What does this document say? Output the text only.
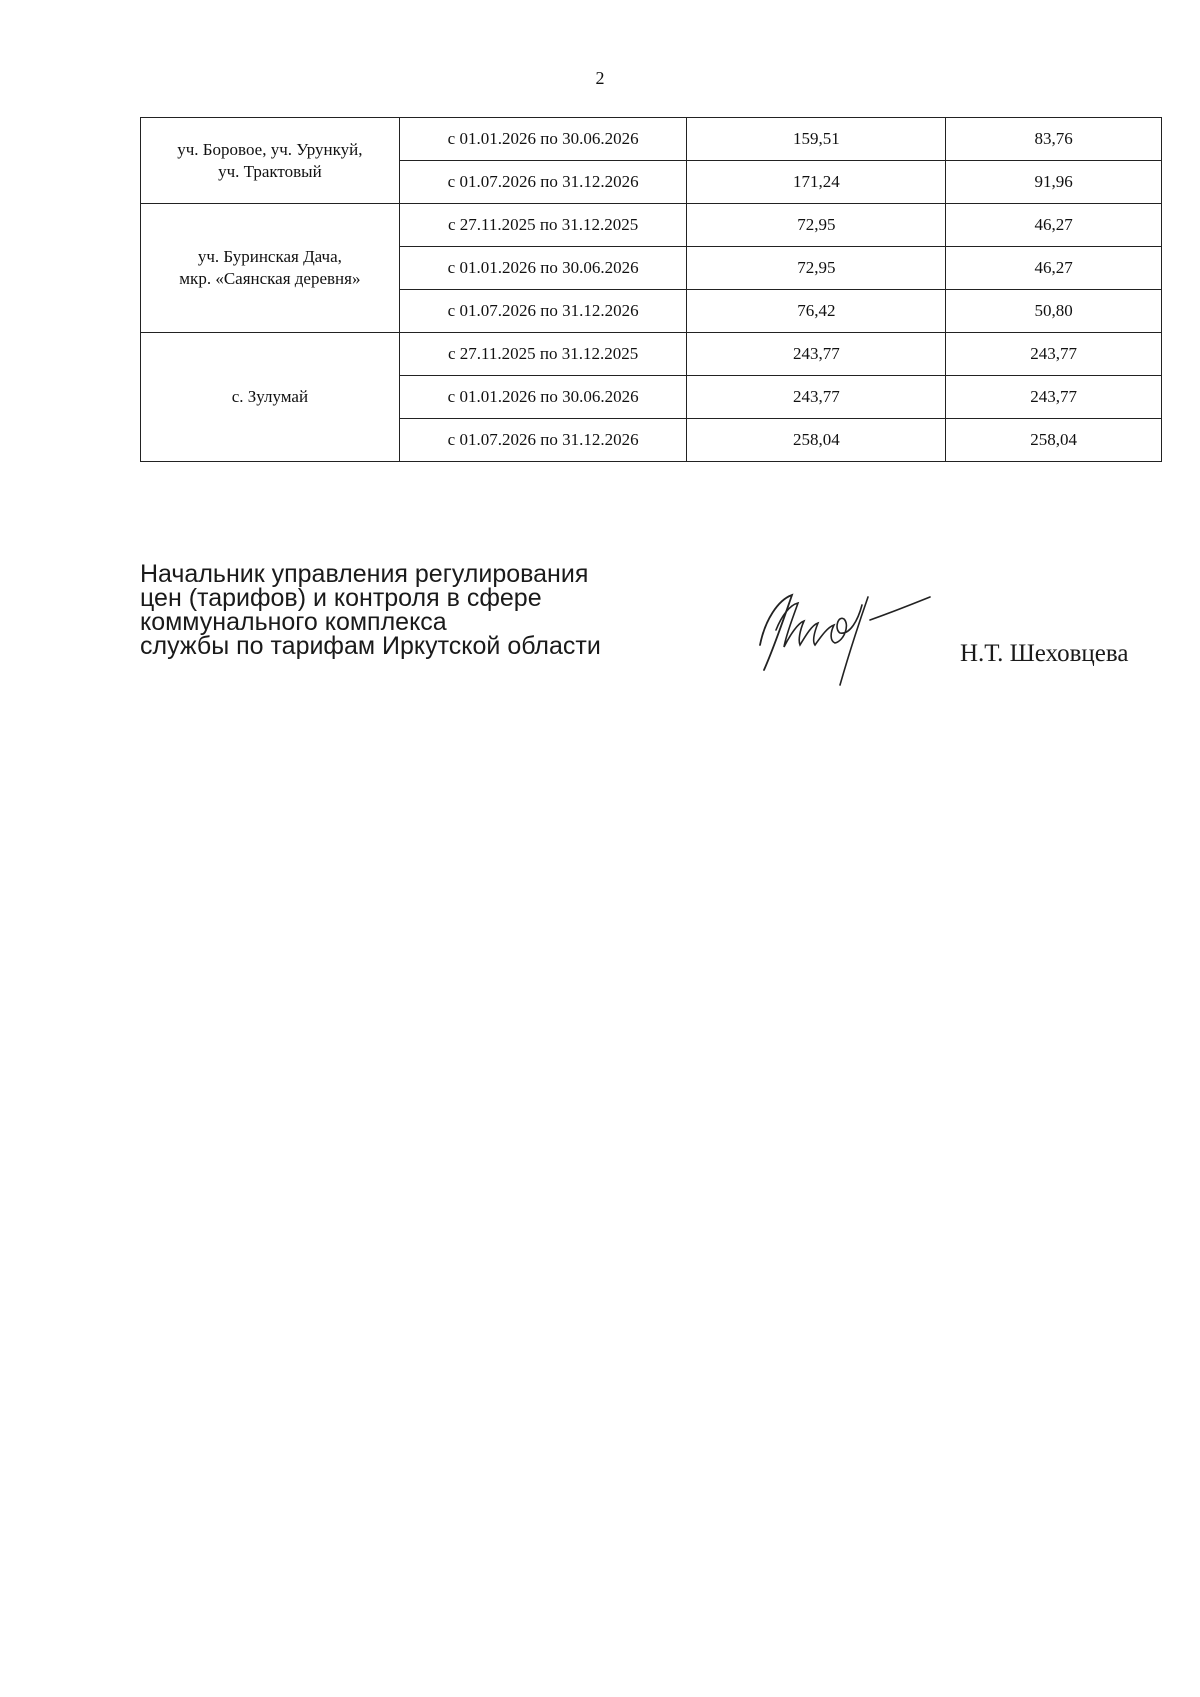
2
уч. Боровое, уч. Урункуй,
уч. Трактовый	с 01.01.2026 по 30.06.2026	159,51	83,76
	с 01.07.2026 по 31.12.2026	171,24	91,96

уч. Буринская Дача,
мкр. «Саянская деревня»	с 27.11.2025 по 31.12.2025	72,95	46,27
	с 01.01.2026 по 30.06.2026	72,95	46,27
	с 01.07.2026 по 31.12.2026	76,42	50,80

с. Зулумай	с 27.11.2025 по 31.12.2025	243,77	243,77
	с 01.01.2026 по 30.06.2026	243,77	243,77
	с 01.07.2026 по 31.12.2026	258,04	258,04
Начальник управления регулирования
цен (тарифов) и контроля в сфере
коммунального комплекса
службы по тарифам Иркутской области	Н.Т. Шеховцева
